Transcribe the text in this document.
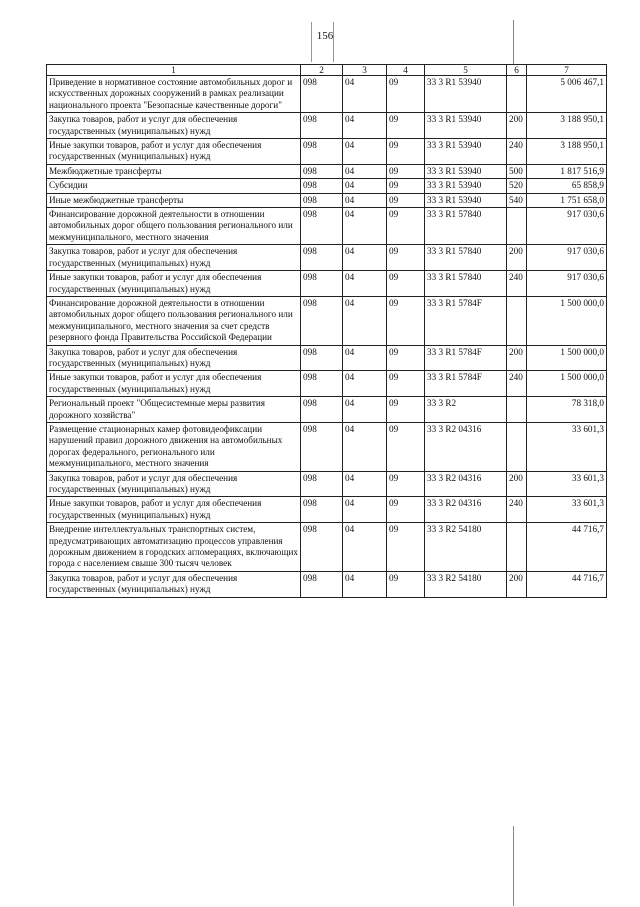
156
1	2	3	4	5	6	7
Приведение в нормативное состояние автомобильных дорог и искусственных дорожных сооружений в рамках реализации национального проекта "Безопасные качественные дороги"	098	04	09	33 3 R1 53940		5 006 467,1
Закупка товаров, работ и услуг для обеспечения государственных (муниципальных) нужд	098	04	09	33 3 R1 53940	200	3 188 950,1
Иные закупки товаров, работ и услуг для обеспечения государственных (муниципальных) нужд	098	04	09	33 3 R1 53940	240	3 188 950,1
Межбюджетные трансферты	098	04	09	33 3 R1 53940	500	1 817 516,9
Субсидии	098	04	09	33 3 R1 53940	520	65 858,9
Иные межбюджетные трансферты	098	04	09	33 3 R1 53940	540	1 751 658,0
Финансирование дорожной деятельности в отношении автомобильных дорог общего пользования регионального или межмуниципального, местного значения	098	04	09	33 3 R1 57840		917 030,6
Закупка товаров, работ и услуг для обеспечения государственных (муниципальных) нужд	098	04	09	33 3 R1 57840	200	917 030,6
Иные закупки товаров, работ и услуг для обеспечения государственных (муниципальных) нужд	098	04	09	33 3 R1 57840	240	917 030,6
Финансирование дорожной деятельности в отношении автомобильных дорог общего пользования регионального или межмуниципального, местного значения за счет средств резервного фонда Правительства Российской Федерации	098	04	09	33 3 R1 5784F		1 500 000,0
Закупка товаров, работ и услуг для обеспечения государственных (муниципальных) нужд	098	04	09	33 3 R1 5784F	200	1 500 000,0
Иные закупки товаров, работ и услуг для обеспечения государственных (муниципальных) нужд	098	04	09	33 3 R1 5784F	240	1 500 000,0
Региональный проект "Общесистемные меры развития дорожного хозяйства"	098	04	09	33 3 R2		78 318,0
Размещение стационарных камер фотовидеофиксации нарушений правил дорожного движения на автомобильных дорогах федерального, регионального или межмуниципального, местного значения	098	04	09	33 3 R2 04316		33 601,3
Закупка товаров, работ и услуг для обеспечения государственных (муниципальных) нужд	098	04	09	33 3 R2 04316	200	33 601,3
Иные закупки товаров, работ и услуг для обеспечения государственных (муниципальных) нужд	098	04	09	33 3 R2 04316	240	33 601,3
Внедрение интеллектуальных транспортных систем, предусматривающих автоматизацию процессов управления дорожным движением в городских агломерациях, включающих города с населением свыше 300 тысяч человек	098	04	09	33 3 R2 54180		44 716,7
Закупка товаров, работ и услуг для обеспечения государственных (муниципальных) нужд	098	04	09	33 3 R2 54180	200	44 716,7
